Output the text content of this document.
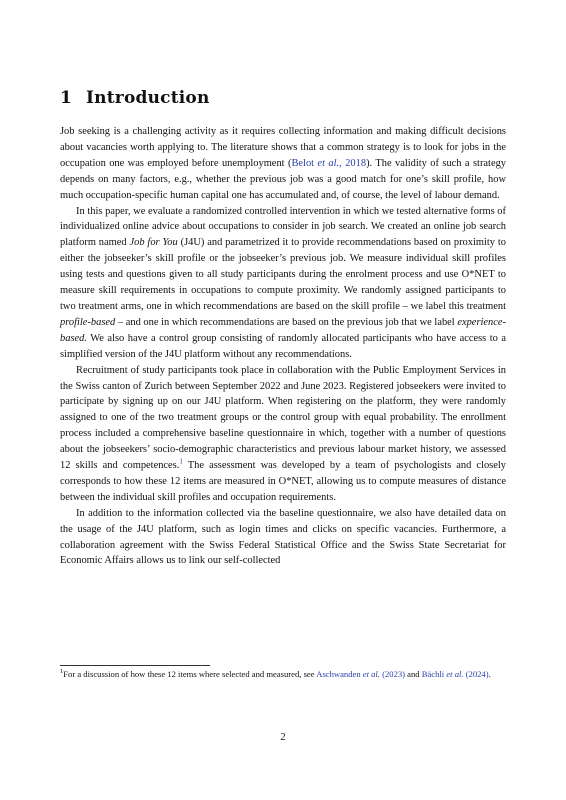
1 Introduction

Job seeking is a challenging activity as it requires collecting information and making difficult decisions about vacancies worth applying to. The literature shows that a common strategy is to look for jobs in the occupation one was employed before unemployment (Belot et al., 2018). The validity of such a strategy depends on many factors, e.g., whether the previous job was a good match for one’s skill profile, how much occupation-specific human capital one has accumulated and, of course, the level of labour demand.

In this paper, we evaluate a randomized controlled intervention in which we tested alternative forms of individualized online advice about occupations to consider in job search. We created an online job search platform named Job for You (J4U) and parametrized it to provide recommendations based on proximity to either the jobseeker’s skill profile or the jobseeker’s previous job. We measure individual skill profiles using tests and questions given to all study participants during the enrolment process and use O*NET to measure skill requirements in occupations to compute proximity. We randomly assigned participants to two treatment arms, one in which recommendations are based on the skill profile – we label this treatment profile-based – and one in which recommendations are based on the previous job that we label experience-based. We also have a control group consisting of randomly allocated participants who have access to a simplified version of the J4U platform without any recommendations.

Recruitment of study participants took place in collaboration with the Public Employment Services in the Swiss canton of Zurich between September 2022 and June 2023. Registered jobseekers were invited to participate by signing up on our J4U platform. When registering on the platform, they were randomly assigned to one of the two treatment groups or the control group with equal probability. The enrollment process included a comprehensive baseline questionnaire in which, together with a number of questions about the jobseekers’ socio-demographic characteristics and previous labour market history, we assessed 12 skills and competences.$^1$ The assessment was developed by a team of psychologists and closely corresponds to how these 12 items are measured in O*NET, allowing us to compute measures of distance between the individual skill profiles and occupation requirements.

In addition to the information collected via the baseline questionnaire, we also have detailed data on the usage of the J4U platform, such as login times and clicks on specific vacancies. Furthermore, a collaboration agreement with the Swiss Federal Statistical Office and the Swiss State Secretariat for Economic Affairs allows us to link our self-collected

$^1$For a discussion of how these 12 items where selected and measured, see Aschwanden et al. (2023) and Bächli et al. (2024).
2
